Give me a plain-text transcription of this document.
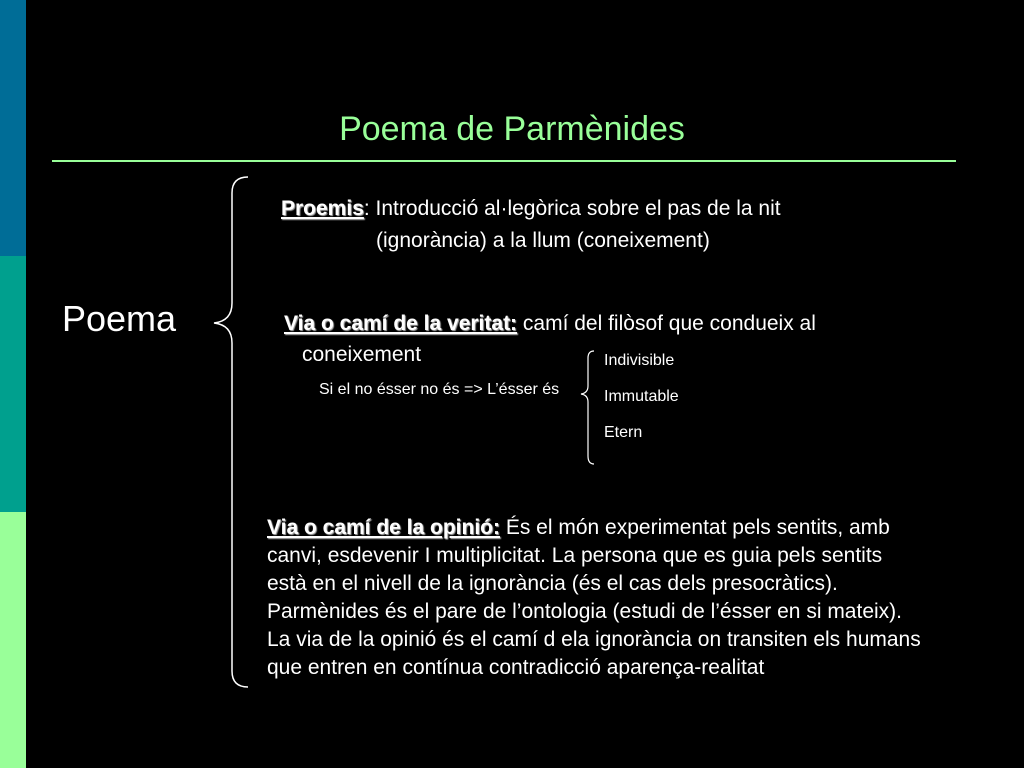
Poema de Parmènides
Poema
Proemis: Introducció al·legòrica sobre el pas de la nit
(ignorància) a la llum (coneixement)
Via o camí de la veritat: camí del filòsof que condueix al
coneixement
Si el no ésser no és => L’ésser és
Indivisible
Immutable
Etern
Via o camí de la opinió: És el món experimentat pels sentits, amb
canvi, esdevenir I multiplicitat. La persona que es guia pels sentits
està en el nivell de la ignorància (és el cas dels presocràtics).
Parmènides és el pare de l’ontologia (estudi de l’ésser en si mateix).
La via de la opinió és el camí d ela ignorància on transiten els humans
que entren en contínua contradicció aparença-realitat
